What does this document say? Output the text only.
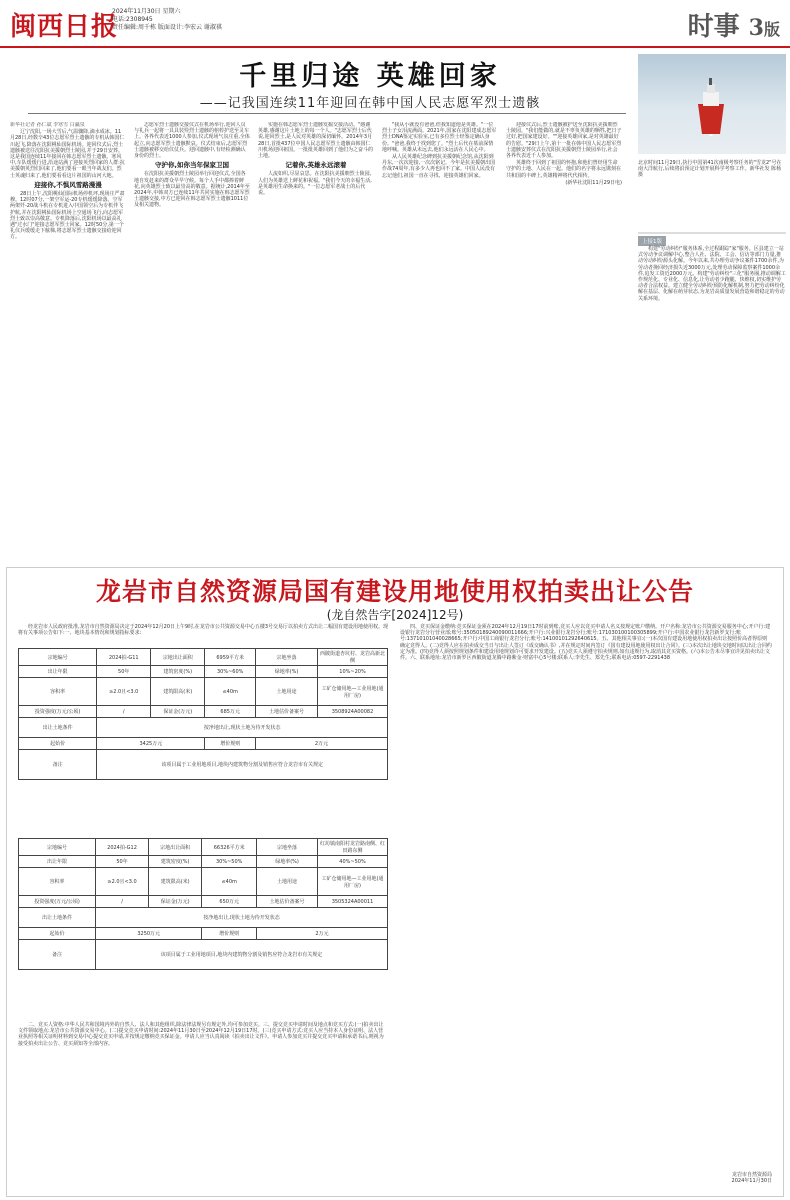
闽西日报
2024年11月30日 星期六
电话:2308945
责任编辑:周千栋 版面设计:李宏云 谢淑祺	时事 3版
千里归途 英雄回家
——记我国连续11年迎回在韩中国人民志愿军烈士遗骸

新华社记者 孙仁斌 李寒雪 白瀛泉

辽宁沈阳,一场大雪后,气温骤降,滴水成冰。11月28日,经数辛43位志愿军烈士遗骸的专机从韩国仁川起飞,降落在沈阳桃仙国际机场。迎回仪式后,烈士遗骸被送往沈阳抗美援朝烈士陵园,并于29日安葬。这是我国连续11年接回在韩志愿军烈士遗骸。寒风中,车队缓缓行进,沿途站满了迎接英烈回家的人群:抗美援朝英烈们回来了,他们要看一眼当年战友们。烈士英魂归来了,他们要看看这片祖国的山河大地。

迎接你,不惧风雪路漫漫

28日上午,沈阳桃仙国际机场停机坪,现场庄严肃穆。12时07分,一架空军运-20专机缓缓降落。空军两架歼-20战斗机在专机进入中国领空后为专机伴飞护航,并在沈阳桃仙国际机场上空通场飞行,向志愿军烈士致以崇高敬意。专机降落后,沈阳机场以最高礼遇"过水门"迎接志愿军烈士回家。12时50分,第一个礼仪兵缓缓走下舷梯,将志愿军烈士遗骸交接给迎回方。

志愿军烈士遗骸交接仪式在机场举行,迎回人员与礼兵一起将一具具装殓烈士遗骸的棺椁护送至灵车上。各界代表近1000人参加,仪式现场气氛庄重,全体起立,向志愿军烈士遗骸默哀。仪式结束后,志愿军烈士遗骸被移交给仪仗兵。迎回遗骸中,有经检测确认身份的烈士。

守护你,如你当年保家卫国

在沈阳抗美援朝烈士陵园举行回迎仪式,全国各地自发赶来的群众早早守候。每个人手中都捧着鲜花,向英雄烈士致以最崇高的敬意。据统计,2014年至2024年,中韩双方已连续11年共同实施在韩志愿军烈士遗骸交接,中方已迎回在韩志愿军烈士遗骸1011位及相关遗物。

实施在韩志愿军烈士遗骸发掘交接活动。"感谢英雄,感谢这片土地上的每一个人。"志愿军烈士后代说,迎回烈士,是人民对英雄的深切缅怀。2014年3月28日,首批437位中国人民志愿军烈士遗骸由韩国仁川机场迎回祖国。一批批英雄回到了他们为之奋斗的土地。

记着你,英雄永远滚着

人流如织,尽显哀思。在沈阳抗美援朝烈士陵园,人们为英雄送上鲜花和祝福。"我们今天的幸福生活,是英雄用生命换来的。"一位志愿军老战士的后代说。

"我从小就没有爸爸,但我知道他是英雄。"一位烈士子女泪流满面。2021年,国家在沈阳建成志愿军烈士DNA鉴定实验室,已有多位烈士经鉴定确认身份。"爸爸,我终于找到您了。"烈士后代在墓前深情地呼喊。英雄从未远去,他们永远活在人民心中。

从人民英雄纪念碑到抗美援朝纪念馆,从沈阳到丹东,一次次迎接,一次次铭记。今年是抗美援朝出国作战74周年,有多少人再也回不了家。中国人民没有忘记他们,祖国一直在寻找、迎接英雄们回家。

迎接仪式后,烈士遗骸被护送至沈阳抗美援朝烈士陵园。"我们能做的,就是不辜负英雄的牺牲,把日子过好,把国家建设好。""迎接英雄回家,是对英雄最好的告慰。"29日上午,第十一批在韩中国人民志愿军烈士遗骸安葬仪式在沈阳抗美援朝烈士陵园举行,社会各界代表近千人参加。

英雄终于回到了祖国的怀抱,和他们曾经用生命守护的土地、人民在一起。他们的名字将永远镌刻在共和国的丰碑上,英雄精神将代代相传。

(新华社沈阳11月29日电)

北京时间11月29日,执行中国第41次南极考察任务的"雪龙2"号在南大洋航行,后续将沿预定计划开展科学考察工作。新华社发 陈杨 摄
上接1版
构建"劳动纠纷"服务体系,全过程跟踪"家"服务。区县建立一站式劳动争议调解中心,整合人社、法院、工会、信访等部门力量,推动劳动纠纷源头化解。今年以来,共办理劳动争议案件1700余件,为劳动者挽回经济损失近3000万元,处理劳动保障监察案件1000余件,追发工资近2000万元。构建"劳动纠纷"三化"服务圈,推动调解工作规范化、专业化、信息化,让劳动者少跑腿、快维权,切实维护劳动者合法权益。建立健全劳动纠纷预防化解机制,努力把劳动纠纷化解在基层、化解在萌芽状态,为龙岩高质量发展营造和谐稳定的劳动关系环境。
龙岩市自然资源局国有建设用地使用权拍卖出让公告
(龙自然告字[2024]12号)
经龙岩市人民政府批准,龙岩市自然资源局决定于2024年12月20日上午9时,在龙岩市公共资源交易中心五楼3号交易厅以拍卖方式出让二幅国有建设用地使用权。现将有关事项公告如下:一、地块基本情况和规划指标要求:
宗地编号	2024拍-G11	宗地出让面积	6959平方米	宗地坐落	西陂街道杏坑村、龙岩高新北侧
出让年限	50年	建筑密度(%)	30%~60%	绿地率(%)	10%~20%
容积率	≥2.0且<3.0	建筑限高(米)	≤40m	土地用途	工矿仓储用地—工业用地(通用厂房)
投资强度(万元/公顷)	/	保证金(万元)	685万元	土地估价备案号	3508924A00082
出让土地条件	按净地出让,现状土地为待开发状态				
起始价	3425万元		增价规则	2万元	
备注	该项目属于工业用地项目,地块内建筑物分割及销售应符合龙岩市有关规定				
宗地编号	2024拍-G12	宗地出让面积	66326平方米	宗地坐落	红坊镇南阳村龙岩路南侧、红田路东侧
出让年限	50年	建筑密度(%)	30%~50%	绿地率(%)	40%~50%
容积率	≥2.0且<3.0	建筑限高(米)	≤40m	土地用途	工矿仓储用地—工业用地(通用厂房)
投资强度(万元/公顷)	/	保证金(万元)	650万元	土地估价备案号	3505324A00011
出让土地条件	按净地出让,现状土地为待开发状态				
起始价	3250万元		增价规则	2万元	
备注	该项目属于工业用地项目,地块内建筑物分割及销售应符合龙岩市有关规定				
二、竞买人资格:中华人民共和国境内外的自然人、法人和其他组织,除法律法规另有规定外,均可参加竞买。三、提交竞买申请时间及地点和竞买方式:(一)拍卖出让文件领取地点:龙岩市公共资源交易中心。(二)提交竞买申请时间:2024年11月30日至2024年12月19日17时。(三)竞买申请方式:竞买人应当持本人身份证明、法人营业执照等相关证明材料到交易中心提交竞买申请,并按规定缴纳竞买保证金。申请人应当认真阅读《拍卖出让文件》。申请人参加竞买并提交竞买申请和承诺书后,则视为接受拍卖出让公告、竞买须知等全部内容。
四、竞买保证金缴纳:竞买保证金须在2024年12月19日17时前到账,竞买人应以竞买申请人名义按规定账户缴纳。开户名称:龙岩市公共资源交易服务中心;开户行:建设银行龙岩分行营业部;账号:35050189240090011666;开户行:兴业银行龙岩分行;账号:171030100100305899;开户行:中国农业银行龙岩新罗支行;账号:13710101040028665;开户行:中国工商银行龙岩分行;账号:14100101292640615。五、其他相关事宜:(一)本次国有建设用地使用权拍卖出让按照价高者得原则确定竞得人。(二)竞得人应在拍卖成交当日与出让人签订《成交确认书》,并在规定时间内签订《国有建设用地使用权出让合同》。(三)本次出让地块交地时间以出让合同约定为准。(四)竞得人须按照规划条件和建设用地规划许可要求开发建设。(五)竞买人须遵守拍卖规则,如有违规行为,取消其竞买资格。(六)本公告未尽事宜详见拍卖出让文件。六、联系地址:龙岩市新罗区西陂街道龙腾中路紫金·财富中心5号楼;联系人:李先生、郑先生;联系电话:0597-2291438
龙岩市自然资源局
2024年11月30日
